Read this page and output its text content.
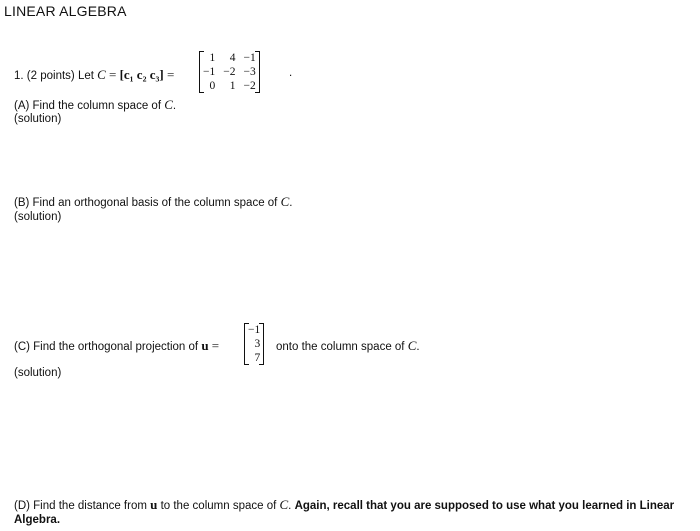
LINEAR ALGEBRA
1. (2 points) Let C = [c₁ c₂ c₃] =
1	4	−1
−1	−2	−3
0	1	−2
.
(A) Find the column space of C.
(solution)
(B) Find an orthogonal basis of the column space of C.
(solution)
(C) Find the orthogonal projection of u =
−1
3
7
onto the column space of C.
(solution)
(D) Find the distance from u to the column space of C. Again, recall that you are supposed to use what you learned in Linear
Algebra.
